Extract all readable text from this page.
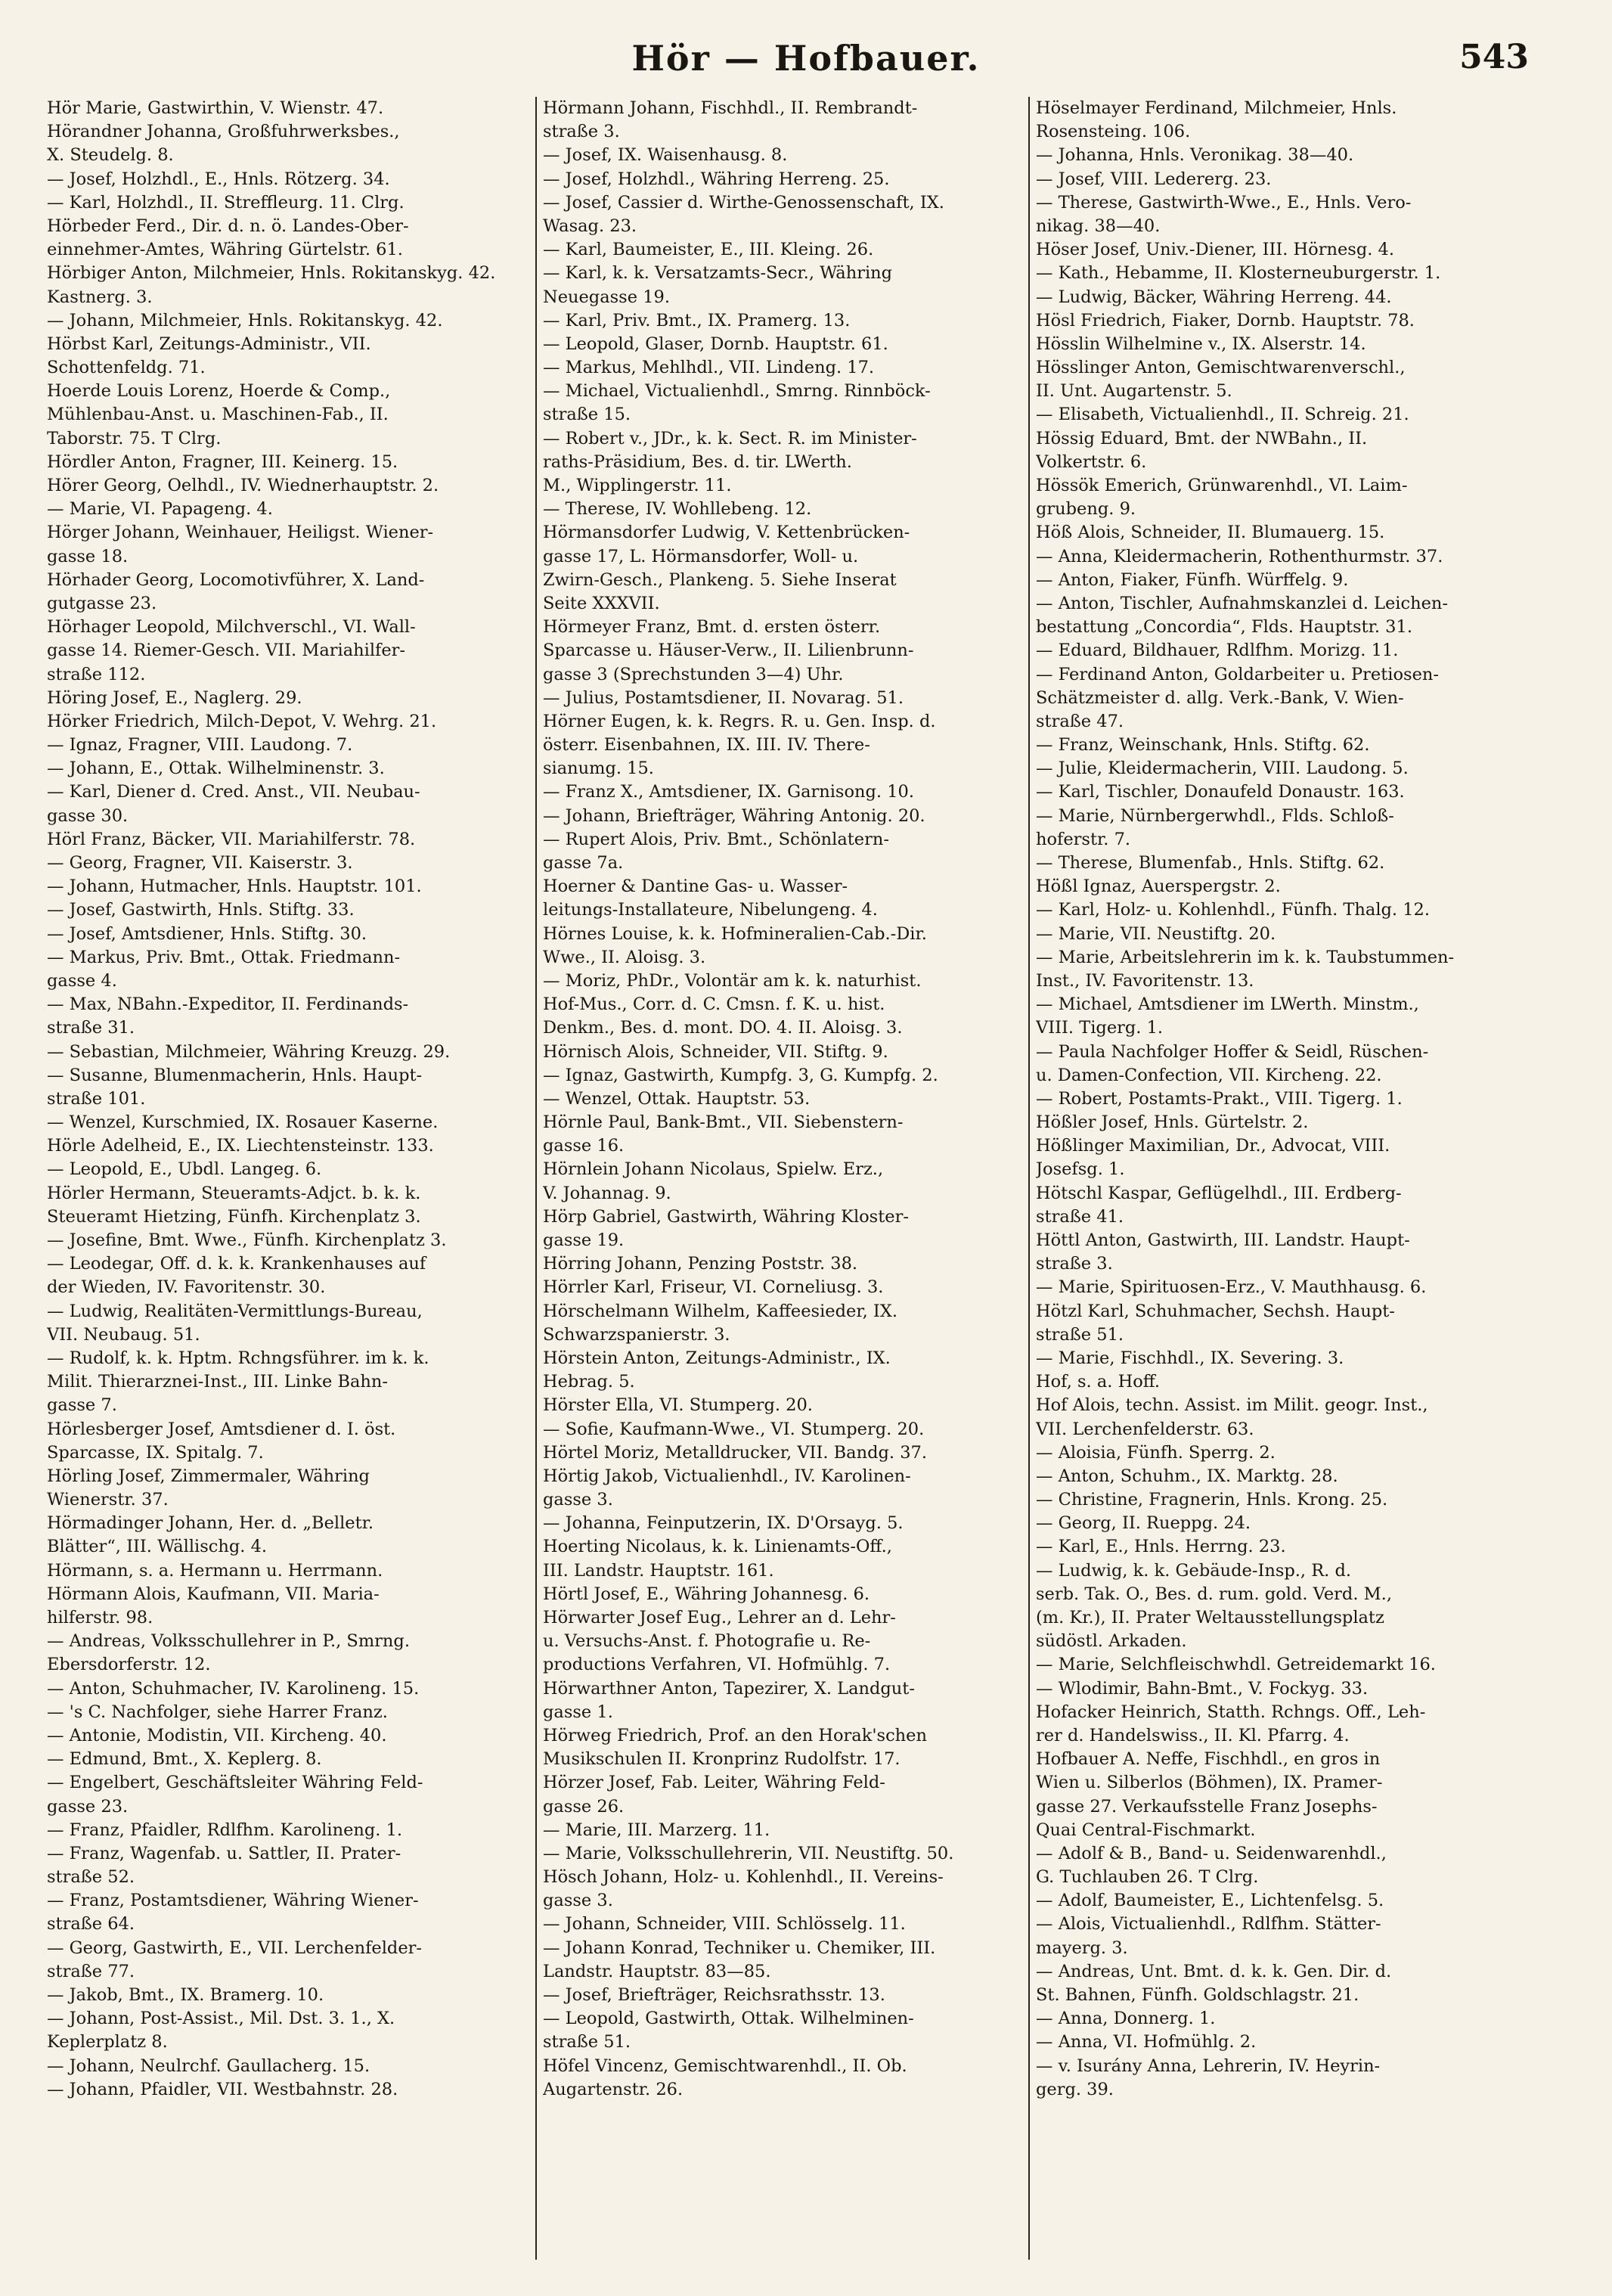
Hör — Hofbauer.	543
Hör Marie, Gastwirthin, V. Wienstr. 47.
Hörandner Johanna, Großfuhrwerksbes.,
X. Steudelg. 8.
— Josef, Holzhdl., E., Hnls. Rötzerg. 34.
— Karl, Holzhdl., II. Streffleurg. 11. Clrg.
Hörbeder Ferd., Dir. d. n. ö. Landes-Ober-
einnehmer-Amtes, Währing Gürtelstr. 61.
Hörbiger Anton, Milchmeier, Hnls. Rokitanskyg. 42.
Kastnerg. 3.
— Johann, Milchmeier, Hnls. Rokitanskyg. 42.
Hörbst Karl, Zeitungs-Administr., VII.
Schottenfeldg. 71.
Hoerde Louis Lorenz, Hoerde & Comp.,
Mühlenbau-Anst. u. Maschinen-Fab., II.
Taborstr. 75. T Clrg.
Hördler Anton, Fragner, III. Keinerg. 15.
Hörer Georg, Oelhdl., IV. Wiednerhauptstr. 2.
— Marie, VI. Papageng. 4.
Hörger Johann, Weinhauer, Heiligst. Wiener-
gasse 18.
Hörhader Georg, Locomotivführer, X. Land-
gutgasse 23.
Hörhager Leopold, Milchverschl., VI. Wall-
gasse 14. Riemer-Gesch. VII. Mariahilfer-
straße 112.
Höring Josef, E., Naglerg. 29.
Hörker Friedrich, Milch-Depot, V. Wehrg. 21.
— Ignaz, Fragner, VIII. Laudong. 7.
— Johann, E., Ottak. Wilhelminenstr. 3.
— Karl, Diener d. Cred. Anst., VII. Neubau-
gasse 30.
Hörl Franz, Bäcker, VII. Mariahilferstr. 78.
— Georg, Fragner, VII. Kaiserstr. 3.
— Johann, Hutmacher, Hnls. Hauptstr. 101.
— Josef, Gastwirth, Hnls. Stiftg. 33.
— Josef, Amtsdiener, Hnls. Stiftg. 30.
— Markus, Priv. Bmt., Ottak. Friedmann-
gasse 4.
— Max, NBahn.-Expeditor, II. Ferdinands-
straße 31.
— Sebastian, Milchmeier, Währing Kreuzg. 29.
— Susanne, Blumenmacherin, Hnls. Haupt-
straße 101.
— Wenzel, Kurschmied, IX. Rosauer Kaserne.
Hörle Adelheid, E., IX. Liechtensteinstr. 133.
— Leopold, E., Ubdl. Langeg. 6.
Hörler Hermann, Steueramts-Adjct. b. k. k.
Steueramt Hietzing, Fünfh. Kirchenplatz 3.
— Josefine, Bmt. Wwe., Fünfh. Kirchenplatz 3.
— Leodegar, Off. d. k. k. Krankenhauses auf
der Wieden, IV. Favoritenstr. 30.
— Ludwig, Realitäten-Vermittlungs-Bureau,
VII. Neubaug. 51.
— Rudolf, k. k. Hptm. Rchngsführer. im k. k.
Milit. Thierarznei-Inst., III. Linke Bahn-
gasse 7.
Hörlesberger Josef, Amtsdiener d. I. öst.
Sparcasse, IX. Spitalg. 7.
Hörling Josef, Zimmermaler, Währing
Wienerstr. 37.
Hörmadinger Johann, Her. d. „Belletr.
Blätter“, III. Wällischg. 4.
Hörmann, s. a. Hermann u. Herrmann.
Hörmann Alois, Kaufmann, VII. Maria-
hilferstr. 98.
— Andreas, Volksschullehrer in P., Smrng.
Ebersdorferstr. 12.
— Anton, Schuhmacher, IV. Karolineng. 15.
— 's C. Nachfolger, siehe Harrer Franz.
— Antonie, Modistin, VII. Kircheng. 40.
— Edmund, Bmt., X. Keplerg. 8.
— Engelbert, Geschäftsleiter Währing Feld-
gasse 23.
— Franz, Pfaidler, Rdlfhm. Karolineng. 1.
— Franz, Wagenfab. u. Sattler, II. Prater-
straße 52.
— Franz, Postamtsdiener, Währing Wiener-
straße 64.
— Georg, Gastwirth, E., VII. Lerchenfelder-
straße 77.
— Jakob, Bmt., IX. Bramerg. 10.
— Johann, Post-Assist., Mil. Dst. 3. 1., X.
Keplerplatz 8.
— Johann, Neulrchf. Gaullacherg. 15.
— Johann, Pfaidler, VII. Westbahnstr. 28.
Hörmann Johann, Fischhdl., II. Rembrandt-
straße 3.
— Josef, IX. Waisenhausg. 8.
— Josef, Holzhdl., Währing Herreng. 25.
— Josef, Cassier d. Wirthe-Genossenschaft, IX.
Wasag. 23.
— Karl, Baumeister, E., III. Kleing. 26.
— Karl, k. k. Versatzamts-Secr., Währing
Neuegasse 19.
— Karl, Priv. Bmt., IX. Pramerg. 13.
— Leopold, Glaser, Dornb. Hauptstr. 61.
— Markus, Mehlhdl., VII. Lindeng. 17.
— Michael, Victualienhdl., Smrng. Rinnböck-
straße 15.
— Robert v., JDr., k. k. Sect. R. im Minister-
raths-Präsidium, Bes. d. tir. LWerth.
M., Wipplingerstr. 11.
— Therese, IV. Wohllebeng. 12.
Hörmansdorfer Ludwig, V. Kettenbrücken-
gasse 17, L. Hörmansdorfer, Woll- u.
Zwirn-Gesch., Plankeng. 5. Siehe Inserat
Seite XXXVII.
Hörmeyer Franz, Bmt. d. ersten österr.
Sparcasse u. Häuser-Verw., II. Lilienbrunn-
gasse 3 (Sprechstunden 3—4) Uhr.
— Julius, Postamtsdiener, II. Novarag. 51.
Hörner Eugen, k. k. Regrs. R. u. Gen. Insp. d.
österr. Eisenbahnen, IX. III. IV. There-
sianumg. 15.
— Franz X., Amtsdiener, IX. Garnisong. 10.
— Johann, Briefträger, Währing Antonig. 20.
— Rupert Alois, Priv. Bmt., Schönlatern-
gasse 7a.
Hoerner & Dantine Gas- u. Wasser-
leitungs-Installateure, Nibelungeng. 4.
Hörnes Louise, k. k. Hofmineralien-Cab.-Dir.
Wwe., II. Aloisg. 3.
— Moriz, PhDr., Volontär am k. k. naturhist.
Hof-Mus., Corr. d. C. Cmsn. f. K. u. hist.
Denkm., Bes. d. mont. DO. 4. II. Aloisg. 3.
Hörnisch Alois, Schneider, VII. Stiftg. 9.
— Ignaz, Gastwirth, Kumpfg. 3, G. Kumpfg. 2.
— Wenzel, Ottak. Hauptstr. 53.
Hörnle Paul, Bank-Bmt., VII. Siebenstern-
gasse 16.
Hörnlein Johann Nicolaus, Spielw. Erz.,
V. Johannag. 9.
Hörp Gabriel, Gastwirth, Währing Kloster-
gasse 19.
Hörring Johann, Penzing Poststr. 38.
Hörrler Karl, Friseur, VI. Corneliusg. 3.
Hörschelmann Wilhelm, Kaffeesieder, IX.
Schwarzspanierstr. 3.
Hörstein Anton, Zeitungs-Administr., IX.
Hebrag. 5.
Hörster Ella, VI. Stumperg. 20.
— Sofie, Kaufmann-Wwe., VI. Stumperg. 20.
Hörtel Moriz, Metalldrucker, VII. Bandg. 37.
Hörtig Jakob, Victualienhdl., IV. Karolinen-
gasse 3.
— Johanna, Feinputzerin, IX. D'Orsayg. 5.
Hoerting Nicolaus, k. k. Linienamts-Off.,
III. Landstr. Hauptstr. 161.
Hörtl Josef, E., Währing Johannesg. 6.
Hörwarter Josef Eug., Lehrer an d. Lehr-
u. Versuchs-Anst. f. Photografie u. Re-
productions Verfahren, VI. Hofmühlg. 7.
Hörwarthner Anton, Tapezirer, X. Landgut-
gasse 1.
Hörweg Friedrich, Prof. an den Horak'schen
Musikschulen II. Kronprinz Rudolfstr. 17.
Hörzer Josef, Fab. Leiter, Währing Feld-
gasse 26.
— Marie, III. Marzerg. 11.
— Marie, Volksschullehrerin, VII. Neustiftg. 50.
Hösch Johann, Holz- u. Kohlenhdl., II. Vereins-
gasse 3.
— Johann, Schneider, VIII. Schlösselg. 11.
— Johann Konrad, Techniker u. Chemiker, III.
Landstr. Hauptstr. 83—85.
— Josef, Briefträger, Reichsrathsstr. 13.
— Leopold, Gastwirth, Ottak. Wilhelminen-
straße 51.
Höfel Vincenz, Gemischtwarenhdl., II. Ob.
Augartenstr. 26.
Höselmayer Ferdinand, Milchmeier, Hnls.
Rosensteing. 106.
— Johanna, Hnls. Veronikag. 38—40.
— Josef, VIII. Ledererg. 23.
— Therese, Gastwirth-Wwe., E., Hnls. Vero-
nikag. 38—40.
Höser Josef, Univ.-Diener, III. Hörnesg. 4.
— Kath., Hebamme, II. Klosterneuburgerstr. 1.
— Ludwig, Bäcker, Währing Herreng. 44.
Hösl Friedrich, Fiaker, Dornb. Hauptstr. 78.
Hösslin Wilhelmine v., IX. Alserstr. 14.
Hösslinger Anton, Gemischtwarenverschl.,
II. Unt. Augartenstr. 5.
— Elisabeth, Victualienhdl., II. Schreig. 21.
Hössig Eduard, Bmt. der NWBahn., II.
Volkertstr. 6.
Hössök Emerich, Grünwarenhdl., VI. Laim-
grubeng. 9.
Höß Alois, Schneider, II. Blumauerg. 15.
— Anna, Kleidermacherin, Rothenthurmstr. 37.
— Anton, Fiaker, Fünfh. Würffelg. 9.
— Anton, Tischler, Aufnahmskanzlei d. Leichen-
bestattung „Concordia“, Flds. Hauptstr. 31.
— Eduard, Bildhauer, Rdlfhm. Morizg. 11.
— Ferdinand Anton, Goldarbeiter u. Pretiosen-
Schätzmeister d. allg. Verk.-Bank, V. Wien-
straße 47.
— Franz, Weinschank, Hnls. Stiftg. 62.
— Julie, Kleidermacherin, VIII. Laudong. 5.
— Karl, Tischler, Donaufeld Donaustr. 163.
— Marie, Nürnbergerwhdl., Flds. Schloß-
hoferstr. 7.
— Therese, Blumenfab., Hnls. Stiftg. 62.
Hößl Ignaz, Auerspergstr. 2.
— Karl, Holz- u. Kohlenhdl., Fünfh. Thalg. 12.
— Marie, VII. Neustiftg. 20.
— Marie, Arbeitslehrerin im k. k. Taubstummen-
Inst., IV. Favoritenstr. 13.
— Michael, Amtsdiener im LWerth. Minstm.,
VIII. Tigerg. 1.
— Paula Nachfolger Hoffer & Seidl, Rüschen-
u. Damen-Confection, VII. Kircheng. 22.
— Robert, Postamts-Prakt., VIII. Tigerg. 1.
Hößler Josef, Hnls. Gürtelstr. 2.
Hößlinger Maximilian, Dr., Advocat, VIII.
Josefsg. 1.
Hötschl Kaspar, Geflügelhdl., III. Erdberg-
straße 41.
Höttl Anton, Gastwirth, III. Landstr. Haupt-
straße 3.
— Marie, Spirituosen-Erz., V. Mauthhausg. 6.
Hötzl Karl, Schuhmacher, Sechsh. Haupt-
straße 51.
— Marie, Fischhdl., IX. Severing. 3.
Hof, s. a. Hoff.
Hof Alois, techn. Assist. im Milit. geogr. Inst.,
VII. Lerchenfelderstr. 63.
— Aloisia, Fünfh. Sperrg. 2.
— Anton, Schuhm., IX. Marktg. 28.
— Christine, Fragnerin, Hnls. Krong. 25.
— Georg, II. Rueppg. 24.
— Karl, E., Hnls. Herrng. 23.
— Ludwig, k. k. Gebäude-Insp., R. d.
serb. Tak. O., Bes. d. rum. gold. Verd. M.,
(m. Kr.), II. Prater Weltausstellungsplatz
südöstl. Arkaden.
— Marie, Selchfleischwhdl. Getreidemarkt 16.
— Wlodimir, Bahn-Bmt., V. Fockyg. 33.
Hofacker Heinrich, Statth. Rchngs. Off., Leh-
rer d. Handelswiss., II. Kl. Pfarrg. 4.
Hofbauer A. Neffe, Fischhdl., en gros in
Wien u. Silberlos (Böhmen), IX. Pramer-
gasse 27. Verkaufsstelle Franz Josephs-
Quai Central-Fischmarkt.
— Adolf & B., Band- u. Seidenwarenhdl.,
G. Tuchlauben 26. T Clrg.
— Adolf, Baumeister, E., Lichtenfelsg. 5.
— Alois, Victualienhdl., Rdlfhm. Stätter-
mayerg. 3.
— Andreas, Unt. Bmt. d. k. k. Gen. Dir. d.
St. Bahnen, Fünfh. Goldschlagstr. 21.
— Anna, Donnerg. 1.
— Anna, VI. Hofmühlg. 2.
— v. Isurány Anna, Lehrerin, IV. Heyrin-
gerg. 39.
